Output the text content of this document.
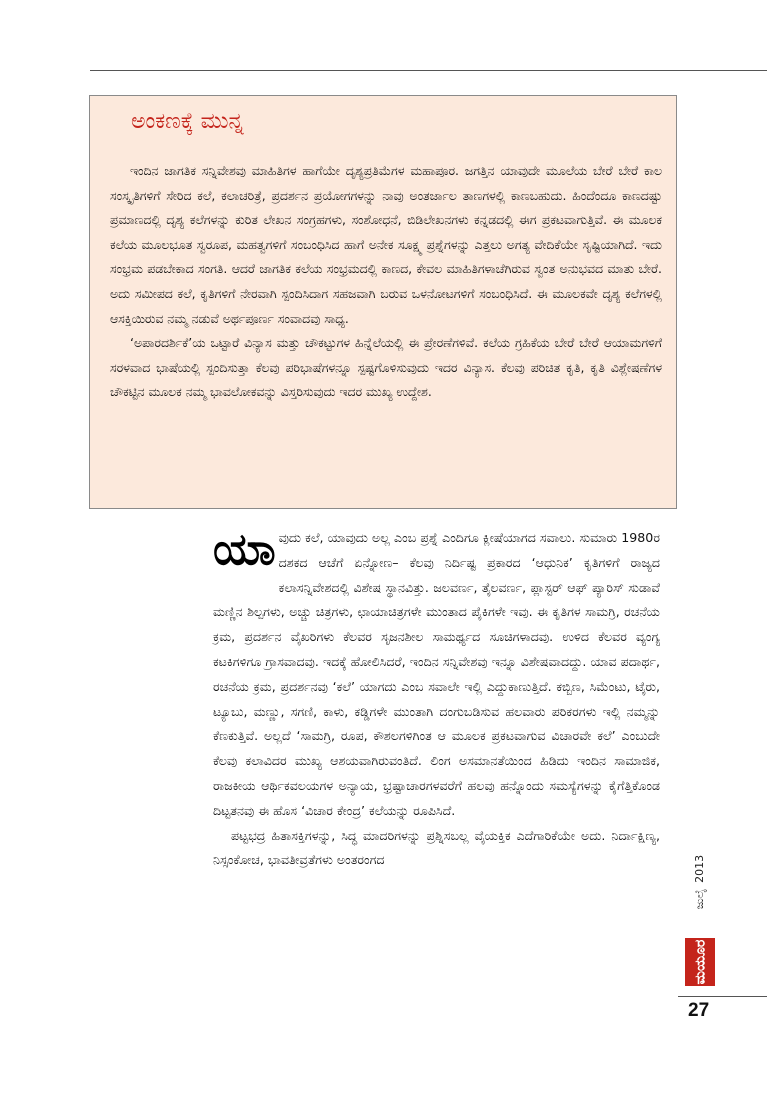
ಅಂಕಣಕ್ಕೆ ಮುನ್ನ

ಇಂದಿನ ಜಾಗತಿಕ ಸನ್ನಿವೇಶವು ಮಾಹಿತಿಗಳ ಹಾಗೆಯೇ ದೃಶ್ಯಪ್ರತಿಮೆಗಳ ಮಹಾಪೂರ. ಜಗತ್ತಿನ ಯಾವುದೇ ಮೂಲೆಯ ಬೇರೆ ಬೇರೆ ಕಾಲ ಸಂಸ್ಕೃತಿಗಳಿಗೆ ಸೇರಿದ ಕಲೆ, ಕಲಾಚರಿತ್ರೆ, ಪ್ರದರ್ಶನ ಪ್ರಯೋಗಗಳನ್ನು ನಾವು ಅಂತರ್ಜಾಲ ತಾಣಗಳಲ್ಲಿ ಕಾಣಬಹುದು. ಹಿಂದೆಂದೂ ಕಾಣದಷ್ಟು ಪ್ರಮಾಣದಲ್ಲಿ ದೃಶ್ಯ ಕಲೆಗಳನ್ನು ಕುರಿತ ಲೇಖನ ಸಂಗ್ರಹಗಳು, ಸಂಶೋಧನೆ, ಬಿಡಿಲೇಖನಗಳು ಕನ್ನಡದಲ್ಲಿ ಈಗ ಪ್ರಕಟವಾಗುತ್ತಿವೆ. ಈ ಮೂಲಕ ಕಲೆಯ ಮೂಲಭೂತ ಸ್ವರೂಪ, ಮಹತ್ವಗಳಿಗೆ ಸಂಬಂಧಿಸಿದ ಹಾಗೆ ಅನೇಕ ಸೂಕ್ಷ್ಮ ಪ್ರಶ್ನೆಗಳನ್ನು ಎತ್ತಲು ಅಗತ್ಯ ವೇದಿಕೆಯೇ ಸೃಷ್ಟಿಯಾಗಿದೆ. ಇದು ಸಂಭ್ರಮ ಪಡಬೇಕಾದ ಸಂಗತಿ. ಆದರೆ ಜಾಗತಿಕ ಕಲೆಯ ಸಂಭ್ರಮದಲ್ಲಿ ಕಾಣದ, ಕೇವಲ ಮಾಹಿತಿಗಳಾಚೆಗಿರುವ ಸ್ವಂತ ಅನುಭವದ ಮಾತು ಬೇರೆ. ಅದು ಸಮೀಪದ ಕಲೆ, ಕೃತಿಗಳಿಗೆ ನೇರವಾಗಿ ಸ್ಪಂದಿಸಿದಾಗ ಸಹಜವಾಗಿ ಬರುವ ಒಳನೋಟಗಳಿಗೆ ಸಂಬಂಧಿಸಿದೆ. ಈ ಮೂಲಕವೇ ದೃಶ್ಯ ಕಲೆಗಳಲ್ಲಿ ಆಸಕ್ತಿಯಿರುವ ನಮ್ಮ ನಡುವೆ ಅರ್ಥಪೂರ್ಣ ಸಂವಾದವು ಸಾಧ್ಯ.

‘ಅಪಾರದರ್ಶಿಕೆ’ಯ ಒಟ್ಟಾರೆ ವಿನ್ಯಾಸ ಮತ್ತು ಚೌಕಟ್ಟುಗಳ ಹಿನ್ನೆಲೆಯಲ್ಲಿ ಈ ಪ್ರೇರಣೆಗಳಿವೆ. ಕಲೆಯ ಗ್ರಹಿಕೆಯ ಬೇರೆ ಬೇರೆ ಆಯಾಮಗಳಿಗೆ ಸರಳವಾದ ಭಾಷೆಯಲ್ಲಿ ಸ್ಪಂದಿಸುತ್ತಾ ಕೆಲವು ಪರಿಭಾಷೆಗಳನ್ನೂ ಸ್ಪಷ್ಟಗೊಳಿಸುವುದು ಇದರ ವಿನ್ಯಾಸ. ಕೆಲವು ಪರಿಚಿತ ಕೃತಿ, ಕೃತಿ ವಿಶ್ಲೇಷಣೆಗಳ ಚೌಕಟ್ಟಿನ ಮೂಲಕ ನಮ್ಮ ಭಾವಲೋಕವನ್ನು ವಿಸ್ತರಿಸುವುದು ಇದರ ಮುಖ್ಯ ಉದ್ದೇಶ.

ಯಾವುದು ಕಲೆ, ಯಾವುದು ಅಲ್ಲ ಎಂಬ ಪ್ರಶ್ನೆ ಎಂದಿಗೂ ಕ್ಲೀಷೆಯಾಗದ ಸವಾಲು. ಸುಮಾರು 1980ರ ದಶಕದ ಆಚೆಗೆ ಏನ್ನೋಣ– ಕೆಲವು ನಿರ್ದಿಷ್ಟ ಪ್ರಕಾರದ ‘ಆಧುನಿಕ’ ಕೃತಿಗಳಿಗೆ ರಾಜ್ಯದ ಕಲಾಸನ್ನಿವೇಶದಲ್ಲಿ ವಿಶೇಷ ಸ್ಥಾನವಿತ್ತು. ಜಲವರ್ಣ, ತೈಲವರ್ಣ, ಪ್ಲಾಸ್ಟರ್ ಆಫ್ ಪ್ಯಾರಿಸ್ ಸುಡಾವೆ ಮಣ್ಣಿನ ಶಿಲ್ಪಗಳು, ಅಚ್ಚು ಚಿತ್ರಗಳು, ಛಾಯಾಚಿತ್ರಗಳೇ ಮುಂತಾದ ಪೈಕಿಗಳೇ ಇವು. ಈ ಕೃತಿಗಳ ಸಾಮಗ್ರಿ, ರಚನೆಯ ಕ್ರಮ, ಪ್ರದರ್ಶನ ವೈಖರಿಗಳು ಕೆಲವರ ಸೃಜನಶೀಲ ಸಾಮರ್ಥ್ಯದ ಸೂಚಿಗಳಾದವು. ಉಳಿದ ಕೆಲವರ ವ್ಯಂಗ್ಯ ಕಟಕಿಗಳಿಗೂ ಗ್ರಾಸವಾದವು. ಇದಕ್ಕೆ ಹೋಲಿಸಿದರೆ, ಇಂದಿನ ಸನ್ನಿವೇಶವು ಇನ್ನೂ ವಿಶೇಷವಾದದ್ದು. ಯಾವ ಪದಾರ್ಥ, ರಚನೆಯ ಕ್ರಮ, ಪ್ರದರ್ಶನವು ‘ಕಲೆ’ ಯಾಗದು ಎಂಬ ಸವಾಲೇ ಇಲ್ಲಿ ಎದ್ದುಕಾಣುತ್ತಿದೆ. ಕಬ್ಬಿಣ, ಸಿಮೆಂಟು, ಟೈರು, ಟ್ಯೂಬು, ಮಣ್ಣು, ಸಗಣಿ, ಕಾಳು, ಕಡ್ಡಿಗಳೇ ಮುಂತಾಗಿ ದಂಗುಬಡಿಸುವ ಹಲವಾರು ಪರಿಕರಗಳು ಇಲ್ಲಿ ನಮ್ಮನ್ನು ಕೆಣಕುತ್ತಿವೆ. ಅಲ್ಲದೆ ‘ಸಾಮಗ್ರಿ, ರೂಪ, ಕೌಶಲಗಳಿಗಿಂತ ಆ ಮೂಲಕ ಪ್ರಕಟವಾಗುವ ವಿಚಾರವೇ ಕಲೆ’ ಎಂಬುದೇ ಕೆಲವು ಕಲಾವಿದರ ಮುಖ್ಯ ಆಶಯವಾಗಿರುವಂತಿದೆ. ಲಿಂಗ ಅಸಮಾನತೆಯಿಂದ ಹಿಡಿದು ಇಂದಿನ ಸಾಮಾಜಿಕ, ರಾಜಕೀಯ ಆರ್ಥಿಕವಲಯಗಳ ಅನ್ಯಾಯ, ಭ್ರಷ್ಟಾಚಾರಗಳವರೆಗೆ ಹಲವು ಹನ್ನೊಂದು ಸಮಸ್ಯೆಗಳನ್ನು ಕೈಗೆತ್ತಿಕೊಂಡ ದಿಟ್ಟತನವು ಈ ಹೊಸ ‘ವಿಚಾರ ಕೇಂದ್ರ’ ಕಲೆಯನ್ನು ರೂಪಿಸಿದೆ.

ಪಟ್ಟಭದ್ರ ಹಿತಾಸಕ್ತಿಗಳನ್ನು, ಸಿದ್ಧ ಮಾದರಿಗಳನ್ನು ಪ್ರಶ್ನಿಸಬಲ್ಲ ವೈಯಕ್ತಿಕ ಎದೆಗಾರಿಕೆಯೇ ಅದು. ನಿರ್ದಾಕ್ಷಿಣ್ಯ, ನಿಸ್ಸಂಕೋಚ, ಭಾವತೀವ್ರತೆಗಳು ಅಂತರಂಗದ

ಜುಲೈ2013
ಮಯೂರ
27
